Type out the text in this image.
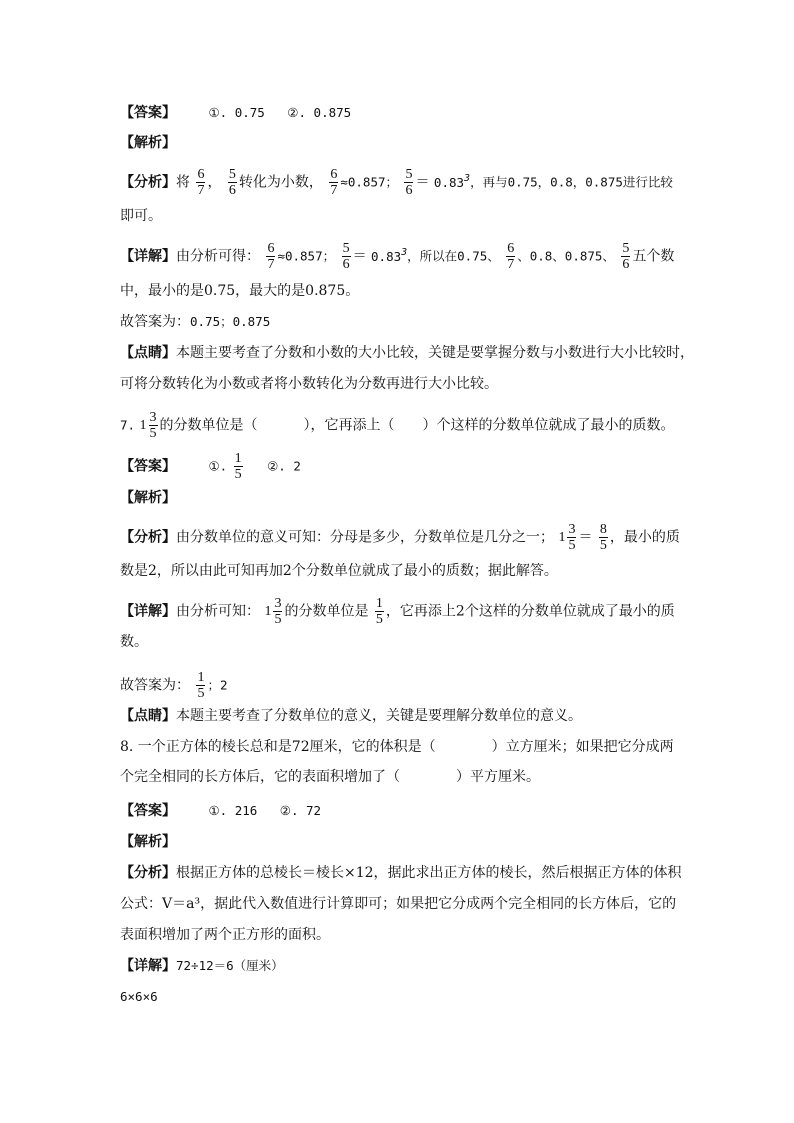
【答案】	①. 0.75 ②. 0.875
【解析】
【分析】将 $\frac{6}{7}$ ， $\frac{5}{6}$ 转化为小数， $\frac{6}{7} \approx 0.857$； $\frac{5}{6} = 0.83^3$，再与0.75，0.8，0.875进行比较
即可。
【详解】由分析可得： $\frac{6}{7} \approx 0.857$； $\frac{5}{6} = 0.83^3$，所以在0.75、 $\frac{6}{7}$ 、0.8、0.875、 $\frac{5}{6}$ 五个数
中，最小的是0.75，最大的是0.875。
故答案为：0.75；0.875
【点睛】本题主要考查了分数和小数的大小比较，关键是要掌握分数与小数进行大小比较时，
可将分数转化为小数或者将小数转化为分数再进行大小比较。
7. $1 \frac{3}{5}$ 的分数单位是（	），它再添上（ ）个这样的分数单位就成了最小的质数。
【答案】	①. $\frac{1}{5}$ ②. 2
【解析】
【分析】由分数单位的意义可知：分母是多少，分数单位是几分之一； $1 \frac{3}{5} = \frac{8}{5}$ ，最小的质
数是2，所以由此可知再加2个分数单位就成了最小的质数；据此解答。
【详解】由分析可知： $1 \frac{3}{5}$ 的分数单位是 $\frac{1}{5}$ ，它再添上2个这样的分数单位就成了最小的质
数。
故答案为： $\frac{1}{5}$ ；2
【点睛】本题主要考查了分数单位的意义，关键是要理解分数单位的意义。
8. 一个正方体的棱长总和是72厘米，它的体积是（	）立方厘米；如果把它分成两
个完全相同的长方体后，它的表面积增加了（	）平方厘米。
【答案】	①. 216 ②. 72
【解析】
【分析】根据正方体的总棱长＝棱长×12，据此求出正方体的棱长，然后根据正方体的体积
公式：V＝a³，据此代入数值进行计算即可；如果把它分成两个完全相同的长方体后，它的
表面积增加了两个正方形的面积。
【详解】72÷12＝6（厘米）
6×6×6
